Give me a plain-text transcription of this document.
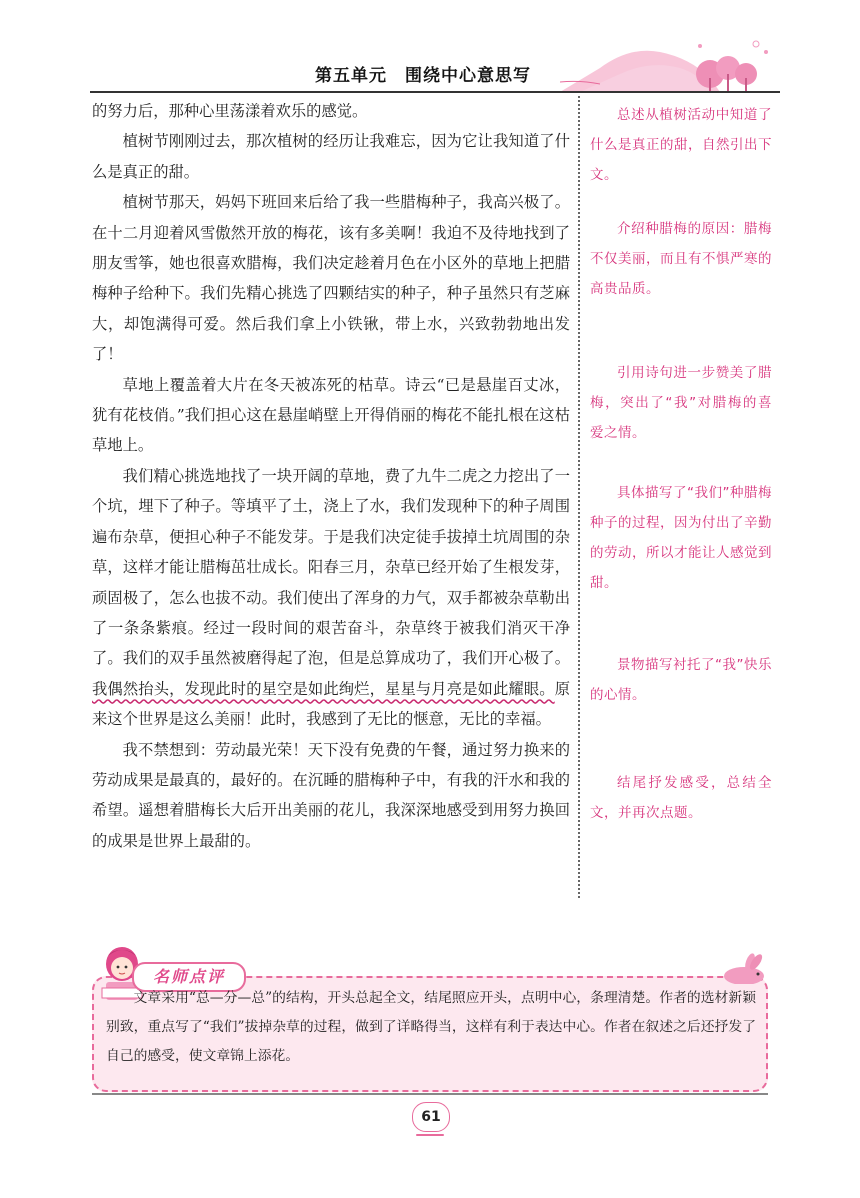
第五单元　围绕中心意思写

的努力后，那种心里荡漾着欢乐的感觉。

植树节刚刚过去，那次植树的经历让我难忘，因为它让我知道了什么是真正的甜。

植树节那天，妈妈下班回来后给了我一些腊梅种子，我高兴极了。在十二月迎着风雪傲然开放的梅花，该有多美啊！我迫不及待地找到了朋友雪筝，她也很喜欢腊梅，我们决定趁着月色在小区外的草地上把腊梅种子给种下。我们先精心挑选了四颗结实的种子，种子虽然只有芝麻大，却饱满得可爱。然后我们拿上小铁锹，带上水，兴致勃勃地出发了！

草地上覆盖着大片在冬天被冻死的枯草。诗云“已是悬崖百丈冰，犹有花枝俏。”我们担心这在悬崖峭壁上开得俏丽的梅花不能扎根在这枯草地上。

我们精心挑选地找了一块开阔的草地，费了九牛二虎之力挖出了一个坑，埋下了种子。等填平了土，浇上了水，我们发现种下的种子周围遍布杂草，便担心种子不能发芽。于是我们决定徒手拔掉土坑周围的杂草，这样才能让腊梅茁壮成长。阳春三月，杂草已经开始了生根发芽，顽固极了，怎么也拔不动。我们使出了浑身的力气，双手都被杂草勒出了一条条紫痕。经过一段时间的艰苦奋斗，杂草终于被我们消灭干净了。我们的双手虽然被磨得起了泡，但是总算成功了，我们开心极了。我偶然抬头，发现此时的星空是如此绚烂，星星与月亮是如此耀眼。原来这个世界是这么美丽！此时，我感到了无比的惬意，无比的幸福。

我不禁想到：劳动最光荣！天下没有免费的午餐，通过努力换来的劳动成果是最真的，最好的。在沉睡的腊梅种子中，有我的汗水和我的希望。遥想着腊梅长大后开出美丽的花儿，我深深地感受到用努力换回的成果是世界上最甜的。

总述从植树活动中知道了什么是真正的甜，自然引出下文。
介绍种腊梅的原因：腊梅不仅美丽，而且有不惧严寒的高贵品质。
引用诗句进一步赞美了腊梅，突出了“我”对腊梅的喜爱之情。
具体描写了“我们”种腊梅种子的过程，因为付出了辛勤的劳动，所以才能让人感觉到甜。
景物描写衬托了“我”快乐的心情。
结尾抒发感受，总结全文，并再次点题。
名师点评
文章采用“总—分—总”的结构，开头总起全文，结尾照应开头，点明中心，条理清楚。作者的选材新颖别致，重点写了“我们”拔掉杂草的过程，做到了详略得当，这样有利于表达中心。作者在叙述之后还抒发了自己的感受，使文章锦上添花。
61
